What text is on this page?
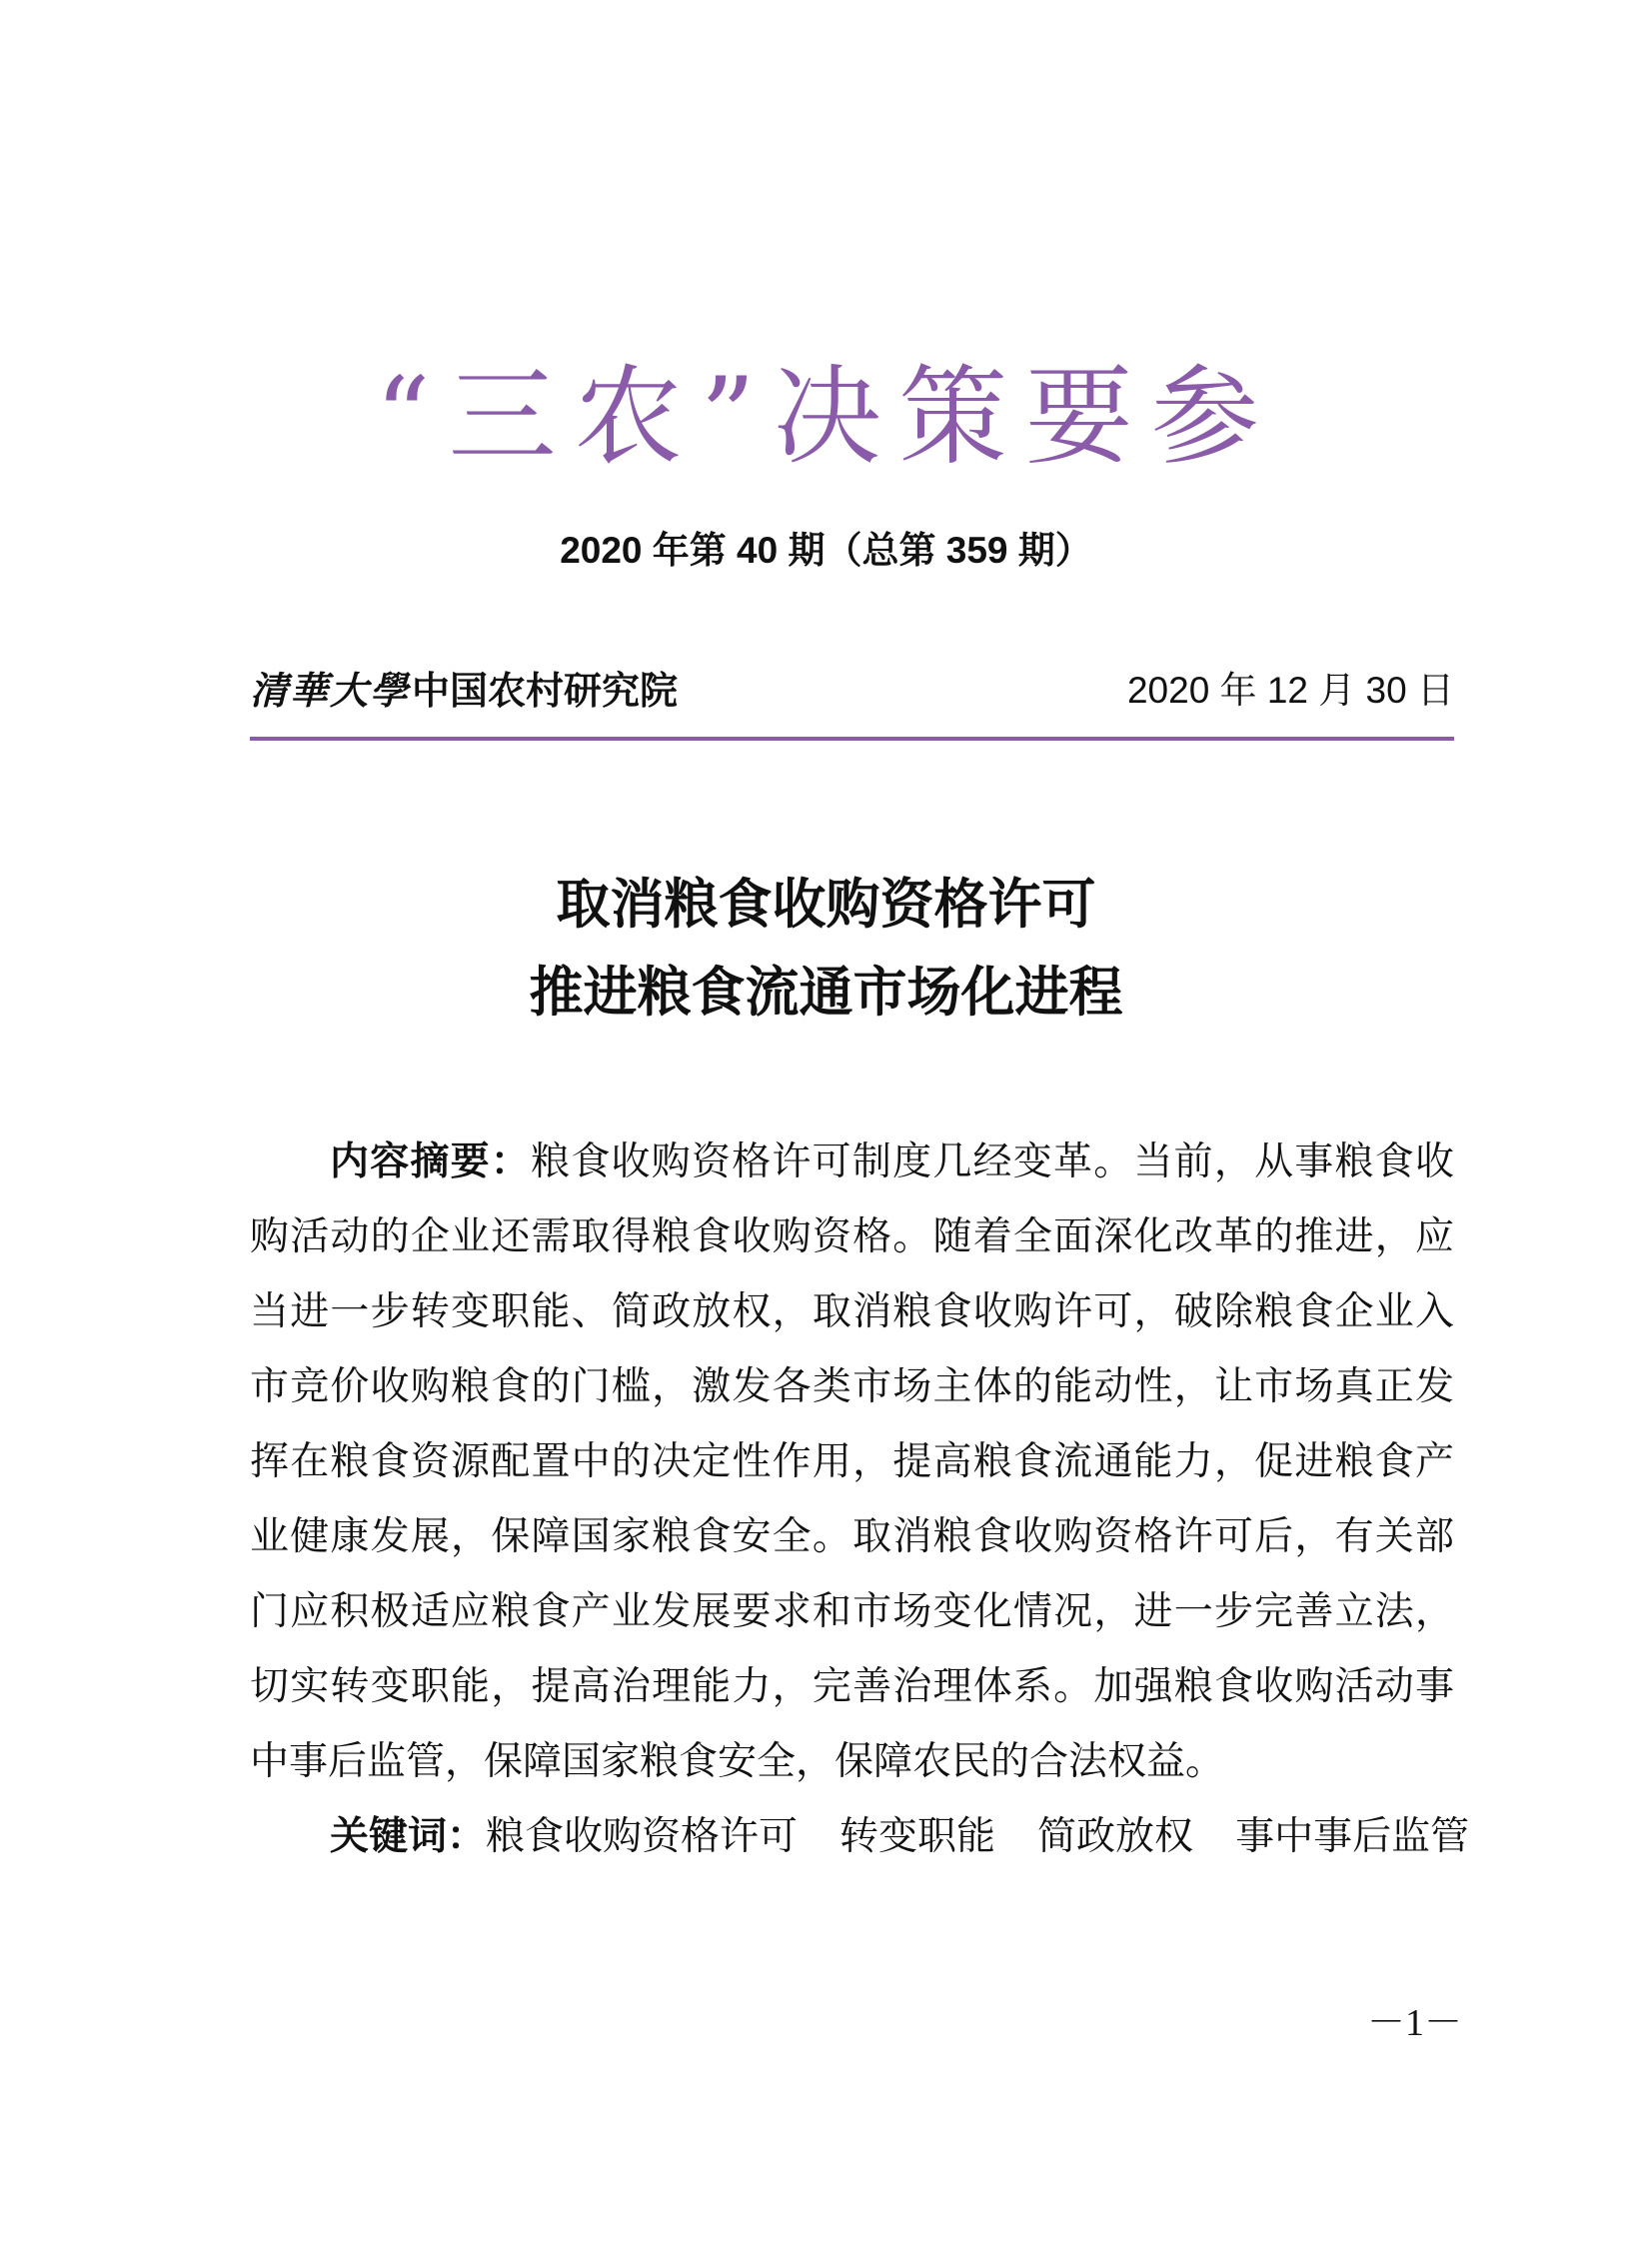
“三农”决策要参
2020 年第 40 期（总第 359 期）
清華大學 中国农村研究院	2020 年 12 月 30 日
取消粮食收购资格许可
推进粮食流通市场化进程

内容摘要：粮食收购资格许可制度几经变革。当前，从事粮食收购活动的企业还需取得粮食收购资格。随着全面深化改革的推进，应当进一步转变职能、简政放权，取消粮食收购许可，破除粮食企业入市竞价收购粮食的门槛，激发各类市场主体的能动性，让市场真正发挥在粮食资源配置中的决定性作用，提高粮食流通能力，促进粮食产业健康发展，保障国家粮食安全。取消粮食收购资格许可后，有关部门应积极适应粮食产业发展要求和市场变化情况，进一步完善立法，切实转变职能，提高治理能力，完善治理体系。加强粮食收购活动事中事后监管，保障国家粮食安全，保障农民的合法权益。

关键词：粮食收购资格许可 转变职能 简政放权 事中事后监管

－1－
